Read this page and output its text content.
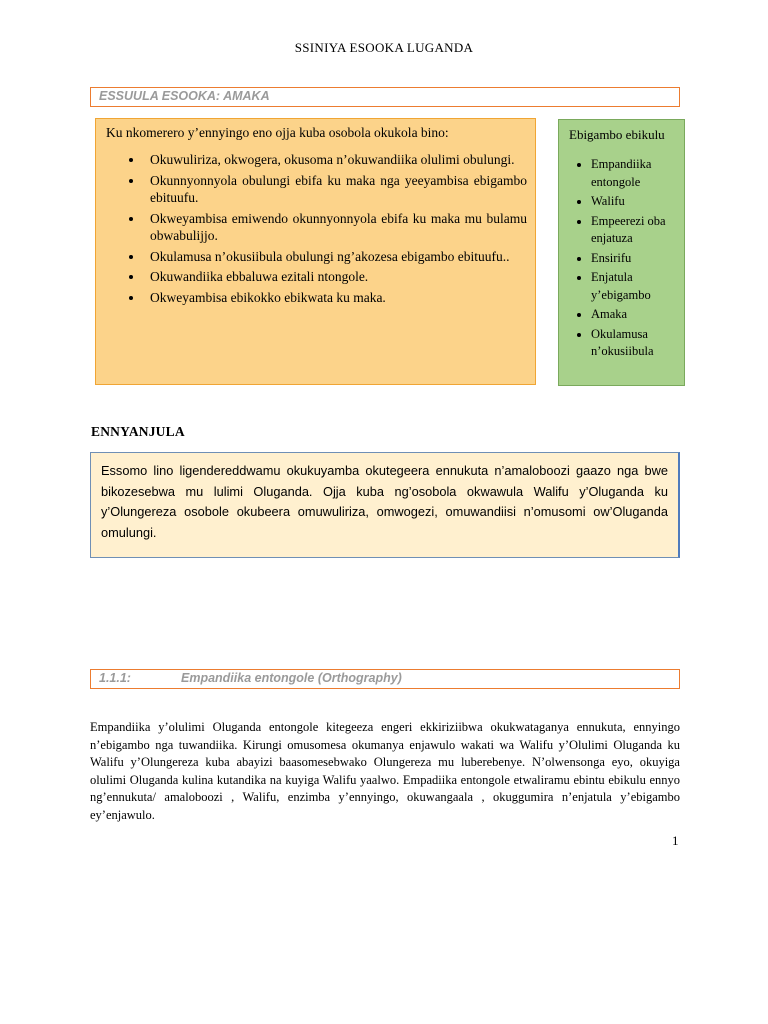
SSINIYA ESOOKA LUGANDA
ESSUULA ESOOKA: AMAKA

Ku nkomerero y’ennyingo eno ojja kuba osobola okukola bino:

• Okuwuliriza, okwogera, okusoma n’okuwandiika olulimi obulungi.
• Okunnyonnyola obulungi ebifa ku maka nga yeeyambisa ebigambo ebituufu.
• Okweyambisa emiwendo okunnyonnyola ebifa ku maka mu bulamu obwabulijjo.
• Okulamusa n’okusiibula obulungi ng’akozesa ebigambo ebituufu..
• Okuwandiika ebbaluwa ezitali ntongole.
• Okweyambisa ebikokko ebikwata ku maka.
Ebigambo ebikulu
• Empandiika entongole
• Walifu
• Empeerezi oba enjatuza
• Ensirifu
• Enjatula y’ebigambo
• Amaka
• Okulamusa n’okusiibula
ENNYANJULA
Essomo lino ligendereddwamu okukuyamba okutegeera ennukuta n’amaloboozi gaazo nga bwe bikozesebwa mu lulimi Oluganda. Ojja kuba ng’osobola okwawula Walifu y’Oluganda ku y’Olungereza osobole okubeera omuwuliriza, omwogezi, omuwandiisi n’omusomi ow’Oluganda omulungi.
1.1.1:	Empandiika entongole (Orthography)

Empandiika y’olulimi Oluganda entongole kitegeeza engeri ekkiriziibwa okukwataganya ennukuta, ennyingo n’ebigambo nga tuwandiika. Kirungi omusomesa okumanya enjawulo wakati wa Walifu y’Olulimi Oluganda ku Walifu y’Olungereza kuba abayizi baasomesebwako Olungereza mu luberebenye. N’olwensonga eyo, okuyiga olulimi Oluganda kulina kutandika na kuyiga Walifu yaalwo. Empadiika entongole etwaliramu ebintu ebikulu ennyo ng’ennukuta/ amaloboozi , Walifu, enzimba y’ennyingo, okuwangaala , okuggumira n’enjatula y’ebigambo ey’enjawulo.

1
